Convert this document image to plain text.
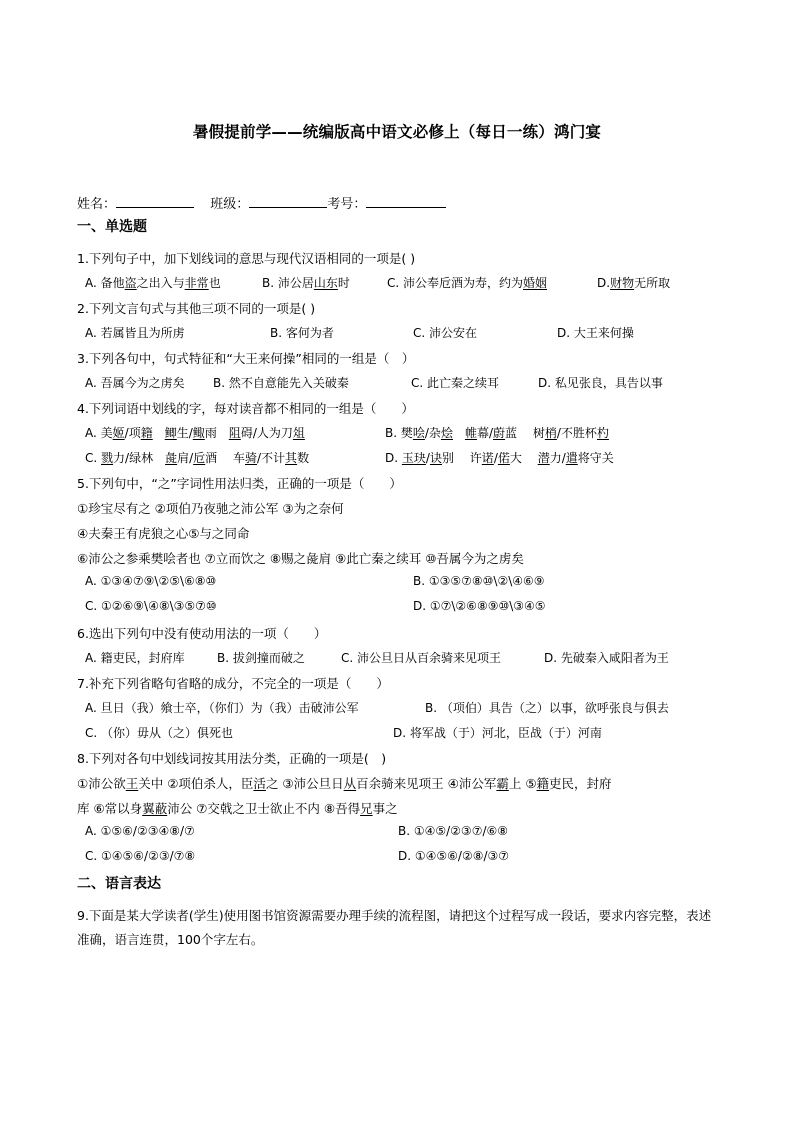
暑假提前学——统编版高中语文必修上（每日一练）鸿门宴
姓名：	班级：	考号：
一、单选题
1.下列句子中，加下划线词的意思与现代汉语相同的一项是( )
A. 备他盗之出入与非常也	B. 沛公居山东时	C. 沛公奉卮酒为寿，约为婚姻	D.财物无所取
2.下列文言句式与其他三项不同的一项是( )
A. 若属皆且为所虏	B. 客何为者	C. 沛公安在	D. 大王来何操
3.下列各句中，句式特征和“大王来何操”相同的一组是（　）
A. 吾属今为之虏矣 B. 然不自意能先入关破秦	C. 此亡秦之续耳	D. 私见张良，具告以事
4.下列词语中划线的字，每对读音都不相同的一组是（　　）
A. 美姬/项籍　 鲫生/鲰雨　阻碍/人为刀俎	B. 樊哙/杂烩　 帷幕/蔚蓝　 树梢/不胜杯杓
C. 戮力/绿林　彘肩/卮酒　 车骑/不计其数	D. 玉玦/诀别　 许诺/偌大　 潜力/遣将守关
5.下列句中，“之”字词性用法归类，正确的一项是（　　）
①珍宝尽有之 ②项伯乃夜驰之沛公军 ③为之奈何
④夫秦王有虎狼之心⑤与之同命
⑥沛公之参乘樊哙者也 ⑦立而饮之 ⑧赐之彘肩 ⑨此亡秦之续耳 ⑩吾属今为之虏矣
A. ①③④⑦⑨\②⑤\⑥⑧⑩	B. ①③⑤⑦⑧⑩\②\④⑥⑨
C. ①②⑥⑨\④⑧\③⑤⑦⑩	D. ①⑦\②⑥⑧⑨⑩\③④⑤
6.选出下列句中没有使动用法的一项（　　）
A. 籍吏民，封府库	B. 拔剑撞而破之	C. 沛公旦日从百余骑来见项王	D. 先破秦入咸阳者为王
7.补充下列省略句省略的成分，不完全的一项是（　　）
A. 旦日（我）飨士卒，（你们）为（我）击破沛公军	B. （项伯）具告（之）以事，欲呼张良与俱去
C. （你）毋从（之）俱死也	D. 将军战（于）河北，臣战（于）河南
8.下列对各句中划线词按其用法分类，正确的一项是(　)
①沛公欲王关中 ②项伯杀人，臣活之 ③沛公旦日从百余骑来见项王 ④沛公军霸上 ⑤籍吏民，封府
库 ⑥常以身翼蔽沛公 ⑦交戟之卫士欲止不内 ⑧吾得兄事之
A. ①⑤⑥/②③④⑧/⑦	B. ①④⑤/②③⑦/⑥⑧
C. ①④⑤⑥/②③/⑦⑧	D. ①④⑤⑥/②⑧/③⑦
二、语言表达
9.下面是某大学读者(学生)使用图书馆资源需要办理手续的流程图，请把这个过程写成一段话，要求内容完整，表述准确，语言连贯，100个字左右。
